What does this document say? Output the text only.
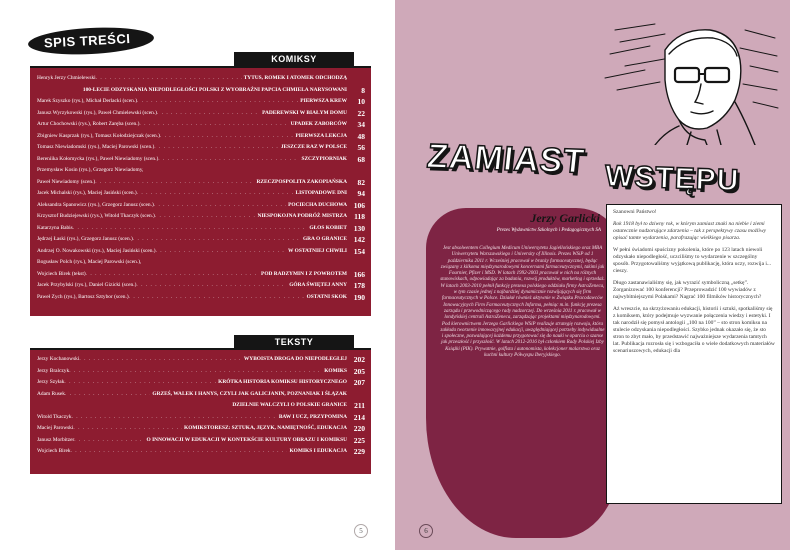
SPIS TREŚCI
KOMIKSY
Henryk Jerzy Chmielewski . . .	TYTUS, ROMEK I ATOMEK ODCHODZĄ
100-LECIE ODZYSKANIA NIEPODLEGŁOŚCI POLSKI Z WYOBRAŹNI PAPCIA CHMIELA NARYSOWANI	8
Marek Szyszko (rys.), Michał Derlacki (scen.) . . .	PIERWSZA KREW	10
Janusz Wyrzykowski (rys.), Paweł Chmielewski (scen.) . . .	PADEREWSKI W BIAŁYM DOMU	22
Artur Chochowski (rys.), Robert Zaręba (scen.) . . .	UPADEK ZABORCÓW	34
Zbigniew Kasprzak (rys.), Tomasz Kołodziejczak (scen.) . . .	PIERWSZA LEKCJA	48
Tomasz Niewiadomski (rys.), Maciej Parowski (scen.) . . .	JESZCZE RAZ W POLSCE	56
Bereniika Kołomycka (rys.), Paweł Niewiadomy (scen.) . . .	SZCZYPIORNIAK	68
Przemysław Kosin (rys.), Grzegorz Niewiadomy,
Paweł Niewiadomy (scen.) . . .	RZECZPOSPOLITA ZAKOPIAŃSKA	82
Jacek Michalski (rys.), Maciej Jasiński (scen.) . . .	LISTOPADOWE DNI	94
Aleksandra Spanowicz (rys.), Grzegorz Janusz (scen.) . . .	POCIECHA DUCHOWA 106
Krzysztof Budziejewski (rys.), Witold Tkaczyk (scen.) . . .	NIESPOKOJNA PODRÓŻ MISTRZA 118
Katarzyna Babis . . .	GŁOS KOBIET 130
Jędrzej Łaski (rys.), Grzegorz Janusz (scen.) . . .	GRA O GRANICE 142
Andrzej O. Nowakowski (rys.), Maciej Jasiński (scen.) . . .	W OSTATNIEJ CHWILI 154
Bogusław Polch (rys.), Maciej Parowski (scen.),
Wojciech Birek (tekst) . . .	POD RADZYMIN I Z POWROTEM 166
Jacek Przybylski (rys.), Daniel Gizicki (scen.) . . .	GÓRA ŚWIĘTEJ ANNY 178
Paweł Zych (rys.), Bartosz Sztybor (scen.) . . .	OSTATNI SKOK 190
TEKSTY
Jerzy Kochanowski . . .	WYBOISTA DROGA DO NIEPODLEGŁEJ 202
Jerzy Bralczyk . . .	KOMIKS 205
Jerzy Szyłak . . .	KRÓTKA HISTORIA KOMIKSU HISTORYCZNEGO 207
Adam Rusek . . .	GRZEŚ, WALEK I HANYS, CZYLI JAK GALICJANIN, POZNANIAK I ŚLĄZAK
DZIELNIE WALCZYLI O POLSKIE GRANICE 211
Witold Tkaczyk . . .	BAW I UCZ, PRZYPOMINA 214
Maciej Parowski . . .	KOMIKSTORESZ: SZTUKA, JĘZYK, NAMIĘTNOŚĆ, EDUKACJA 220
Janusz Morbitzer . . .	O INNOWACJI W EDUKACJI W KONTEKŚCIE KULTURY OBRAZU I KOMIKSU 225
Wojciech Birek . . .	KOMIKS I EDUKACJA 229
5
ZAMIAST WSTĘPU
Jerzy Garlicki
Prezes Wydawnictw Szkolnych i Pedagogicznych SA
Jest absolwentem Collegium Medicum Uniwersytetu Jagiellońskiego oraz MBA Uniwersytetu Warszawskiego i University of Illinois. Prezes WSiP od 1 października 2011 r. Wcześniej pracował w branży farmaceutycznej, będąc związany z kilkoma międzynarodowymi koncernami farmaceutycznymi, takimi jak Fournier, Pfizer i MSD. W latach 1992-2003 pracował w nich na różnych stanowiskach, odpowiadając za badania, rozwój produktów, marketing i sprzedaż. W latach 2003-2010 pełnił funkcję prezesa polskiego oddziału firmy AstraZeneca, w tym czasie jednej z najbardziej dynamicznie rozwijających się firm farmaceutycznych w Polsce. Działał również aktywnie w Związku Pracodawców Innowacyjnych Firm Farmaceutycznych Infarma, pełniąc m.in. funkcję prezesa zarządu i przewodniczącego rady nadzorczej. Do września 2011 r. pracował w londyńskiej centrali AstraZeneca, zarządzając projektami międzynarodowymi. Pod kierownictwem Jerzego Garlickiego WSiP realizuje strategię rozwoju, która zakłada tworzenie innowacyjnej edukacji, uwzględniającej potrzeby indywidualne i społeczne, pozwalającej każdemu przygotować się do nauki w oparciu o szanse jak przeszłość i przyszłość. W latach 2012-2016 był członkiem Rady Polskiej Izby Książki (PIK). Prywatnie, golfista i autonomista, kolekcjoner malarstwa oraz kuchni kultury Półwyspu Iberyjskiego.

Szanowni Państwo!

Rok 1918 był to dziwny rok, w którym zamiast znaki na niebie i ziemi ostatecznie nadzorujące zdarzenia – tak z perspektywy czasu możliwy opisać tamte wydarzenia, parafrazując wielkiego pisarza.

W pełni świadomi spuścizny pokolenia, które po 123 latach niewoli odzyskało niepodległość, uczciliśmy to wydarzenie w szczególny sposób. Przygotowaliśmy wyjątkową publikację, która uczy, rozwija i... cieszy.

Długo zastanawialiśmy się, jak wyrazić symboliczną „setkę”. Zorganizować 100 konferencji? Przeprowadzić 100 wywiadów z najwybitniejszymi Polakami? Nagrać 100 filmików historycznych?

Aż wreszcie, na skrzyżowaniu edukacji, historii i sztuki, spotkaliśmy się z komiksem, który podejmuje wyzwanie połączenia wiedzy i estetyki. I tak narodził się pomysł antologii „100 na 100” – sto stron komiksu na stulecie odzyskania niepodległości. Szybko jednak okazało się, że sto stron to zbyt mało, by przedstawić najważniejsze wydarzenia tamtych lat. Publikacja rozrosła się i wzbogaciła o wiele dodatkowych materiałów scenariuszowych, edukacji dla

6
